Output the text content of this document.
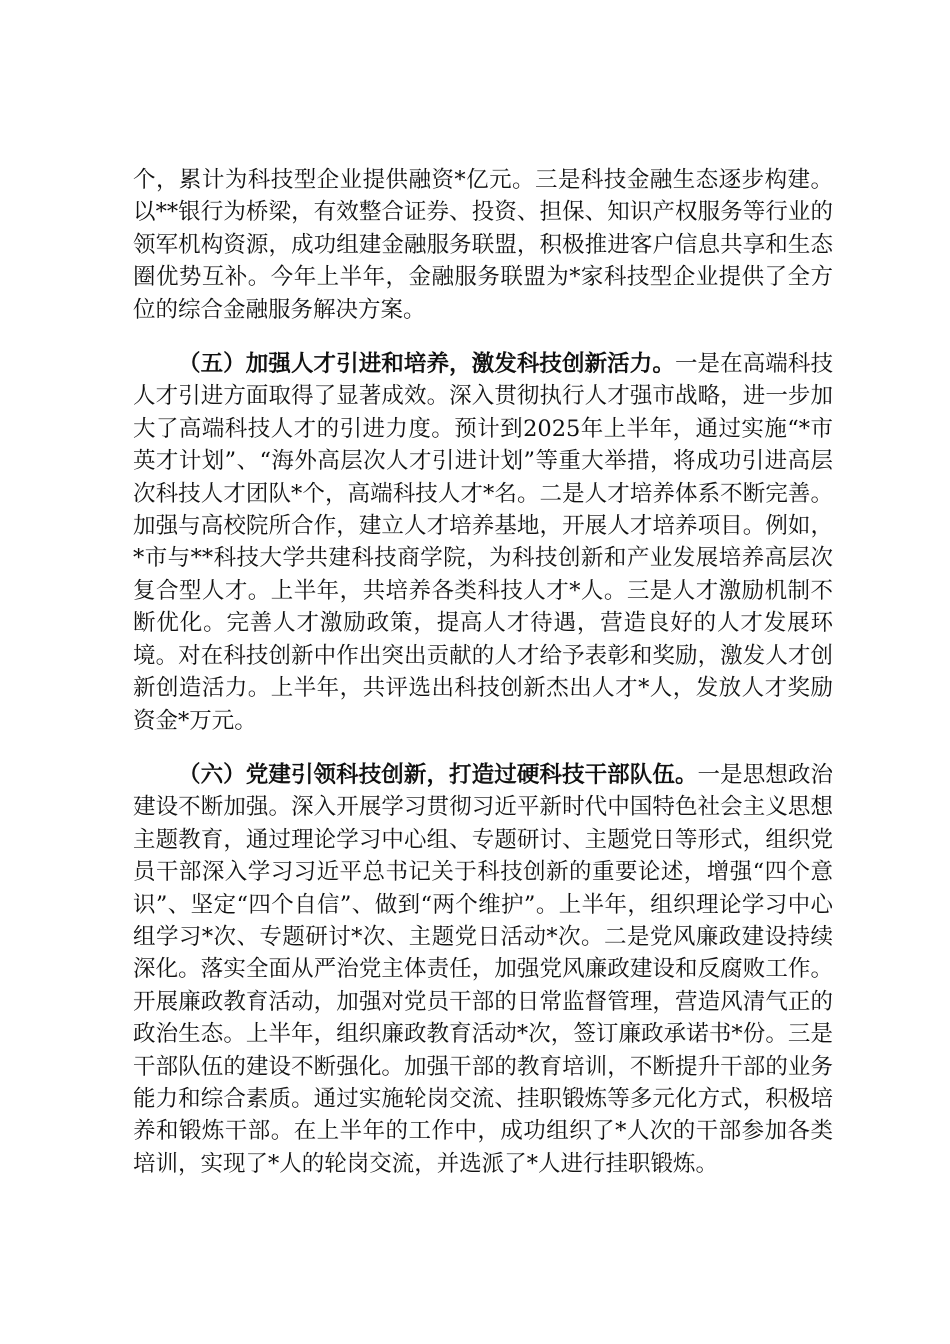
个，累计为科技型企业提供融资*亿元。三是科技金融生态逐步构建。以**银行为桥梁，有效整合证券、投资、担保、知识产权服务等行业的领军机构资源，成功组建金融服务联盟，积极推进客户信息共享和生态圈优势互补。今年上半年，金融服务联盟为*家科技型企业提供了全方位的综合金融服务解决方案。

（五）加强人才引进和培养，激发科技创新活力。一是在高端科技人才引进方面取得了显著成效。深入贯彻执行人才强市战略，进一步加大了高端科技人才的引进力度。预计到2025年上半年，通过实施“*市英才计划”、“海外高层次人才引进计划”等重大举措，将成功引进高层次科技人才团队*个，高端科技人才*名。二是人才培养体系不断完善。加强与高校院所合作，建立人才培养基地，开展人才培养项目。例如，*市与**科技大学共建科技商学院，为科技创新和产业发展培养高层次复合型人才。上半年，共培养各类科技人才*人。三是人才激励机制不断优化。完善人才激励政策，提高人才待遇，营造良好的人才发展环境。对在科技创新中作出突出贡献的人才给予表彰和奖励，激发人才创新创造活力。上半年，共评选出科技创新杰出人才*人，发放人才奖励资金*万元。

（六）党建引领科技创新，打造过硬科技干部队伍。一是思想政治建设不断加强。深入开展学习贯彻习近平新时代中国特色社会主义思想主题教育，通过理论学习中心组、专题研讨、主题党日等形式，组织党员干部深入学习习近平总书记关于科技创新的重要论述，增强“四个意识”、坚定“四个自信”、做到“两个维护”。上半年，组织理论学习中心组学习*次、专题研讨*次、主题党日活动*次。二是党风廉政建设持续深化。落实全面从严治党主体责任，加强党风廉政建设和反腐败工作。开展廉政教育活动，加强对党员干部的日常监督管理，营造风清气正的政治生态。上半年，组织廉政教育活动*次，签订廉政承诺书*份。三是干部队伍的建设不断强化。加强干部的教育培训，不断提升干部的业务能力和综合素质。通过实施轮岗交流、挂职锻炼等多元化方式，积极培养和锻炼干部。在上半年的工作中，成功组织了*人次的干部参加各类培训，实现了*人的轮岗交流，并选派了*人进行挂职锻炼。
